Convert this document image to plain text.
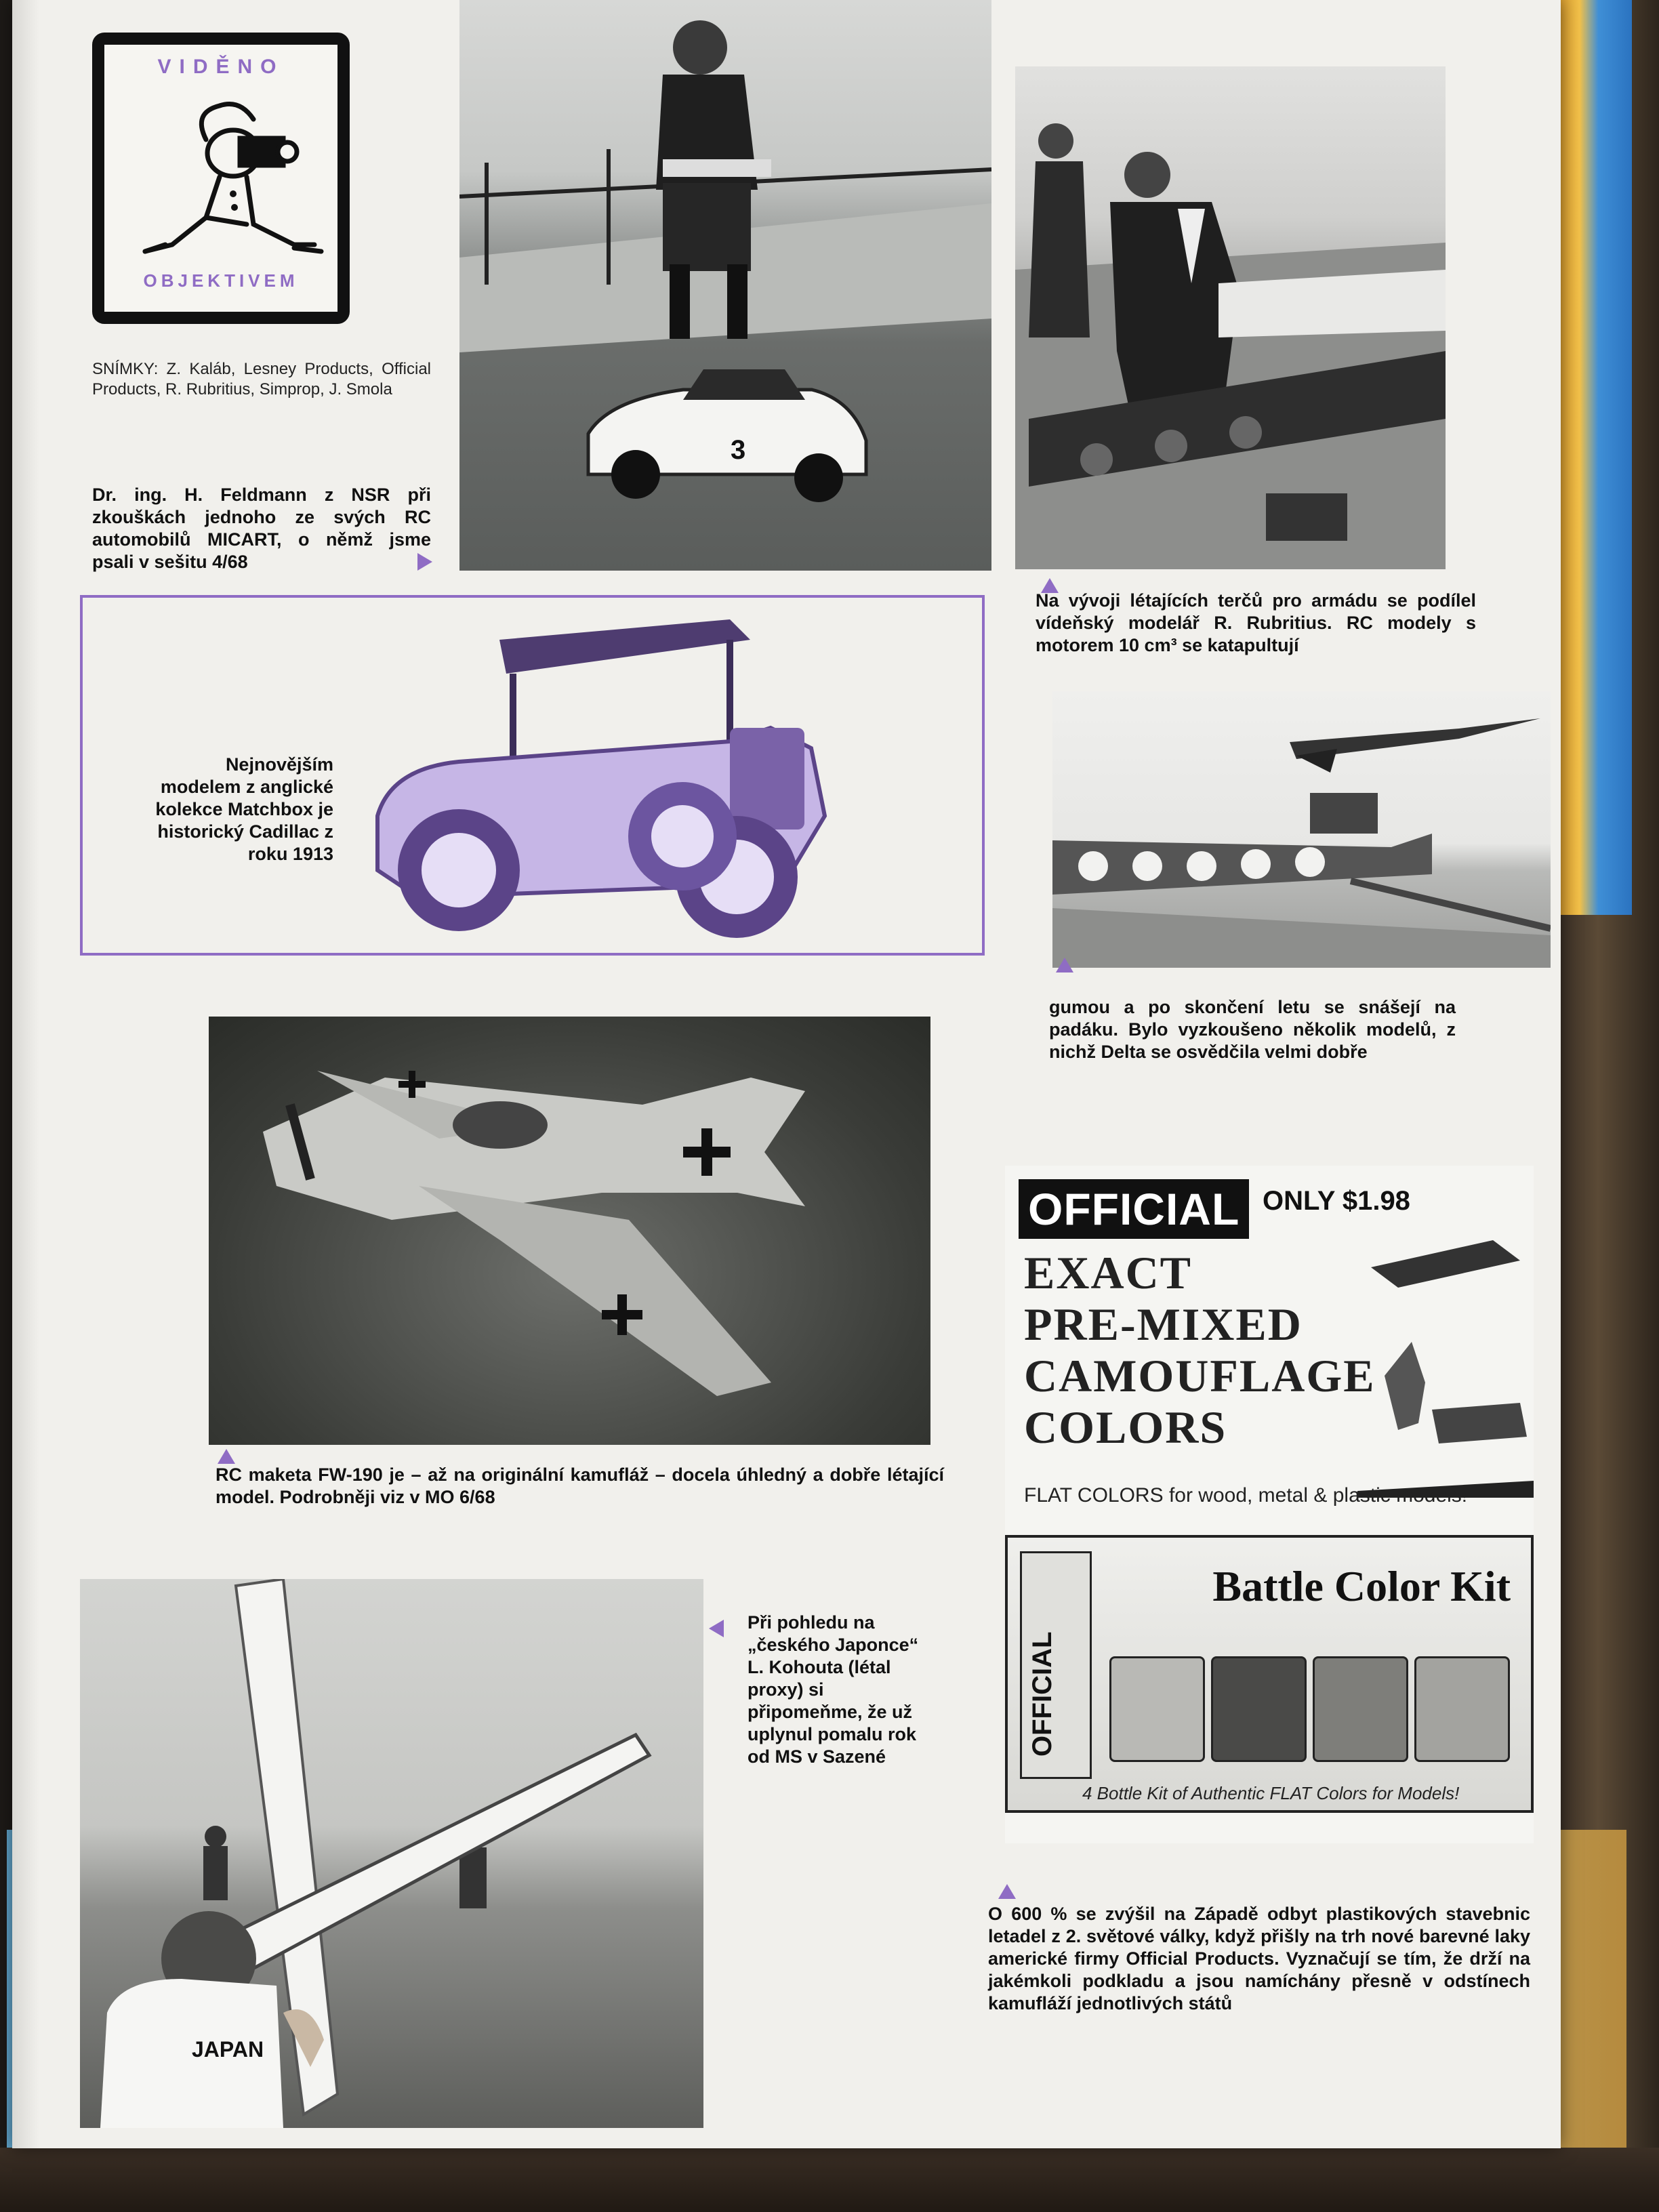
VIDĚNO
OBJEKTIVEM
SNÍMKY: Z. Kaláb, Lesney Products, Official Products, R. Rubritius, Simprop, J. Smola
3
Dr. ing. H. Feldmann z NSR při zkouškách jednoho ze svých RC automobilů MICART, o němž jsme psali v sešitu 4/68
Na vývoji létajících terčů pro armádu se podílel vídeňský modelář R. Rubritius. RC modely s motorem 10 cm³ se katapultují
Nejnovějším modelem z anglické kolekce Matchbox je historický Cadillac z roku 1913
gumou a po skončení letu se snášejí na padáku. Bylo vyzkoušeno několik modelů, z nichž Delta se osvědčila velmi dobře
RC maketa FW-190 je – až na originální kamufláž – docela úhledný a dobře létající model. Podrobněji viz v MO 6/68
OFFICIAL ONLY $1.98
EXACT
PRE-MIXED
CAMOUFLAGE
COLORS
FLAT COLORS for wood, metal & plastic models!
OFFICIAL
Battle Color Kit
4 Bottle Kit of Authentic FLAT Colors for Models!
O 600 % se zvýšil na Západě odbyt plastikových stavebnic letadel z 2. světové války, když přišly na trh nové barevné laky americké firmy Official Products. Vyznačují se tím, že drží na jakémkoli podkladu a jsou namíchány přesně v odstínech kamufláží jednotlivých států
JAPAN
Při pohledu na „českého Japonce“ L. Kohouta (létal proxy) si připomeňme, že už uplynul pomalu rok od MS v Sazené
